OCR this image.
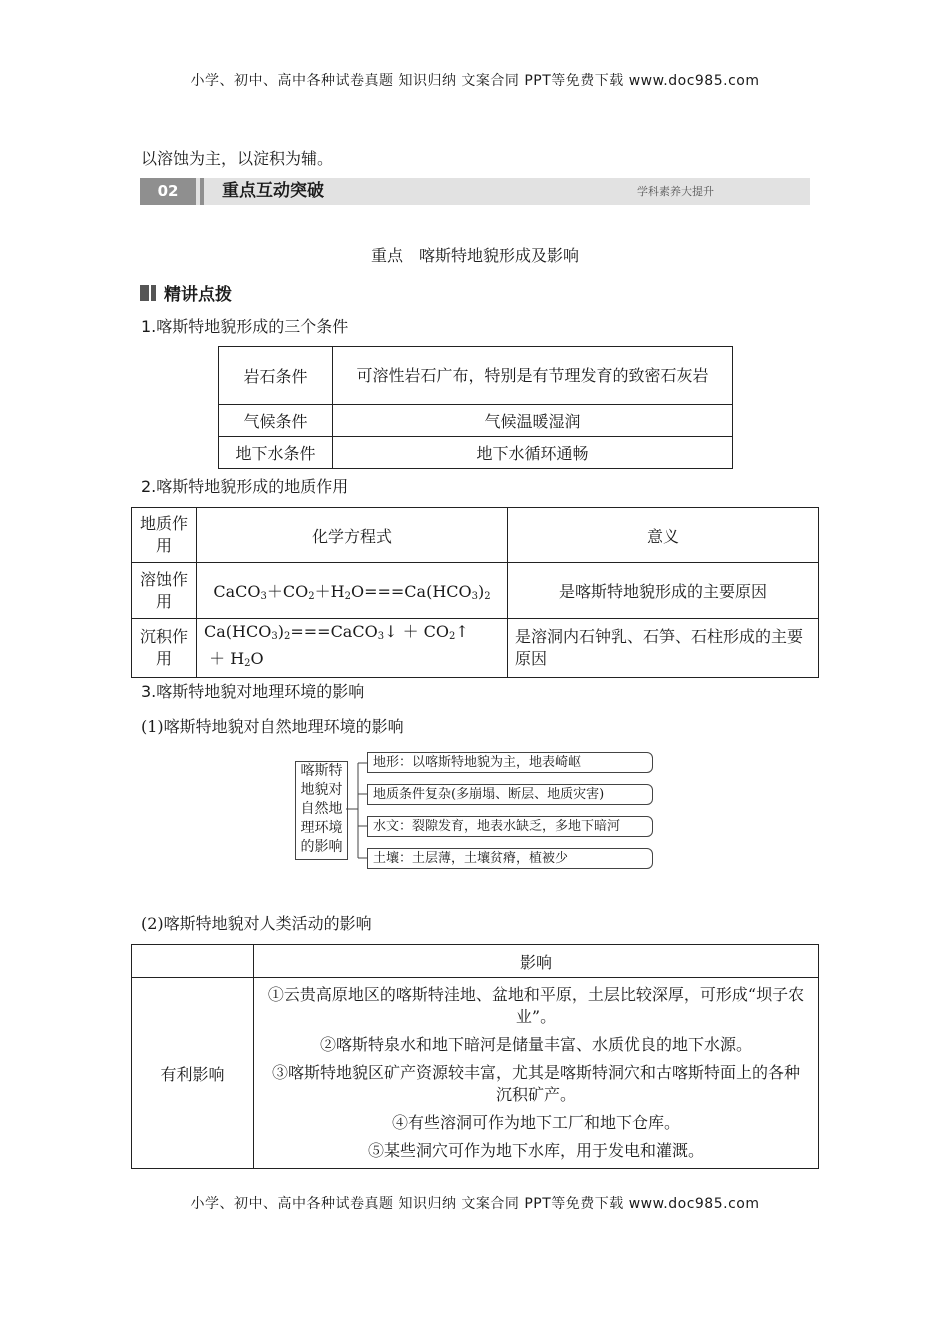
小学、初中、高中各种试卷真题 知识归纳 文案合同 PPT等免费下载 www.doc985.com
以溶蚀为主，以淀积为辅。
02	重点互动突破	学科素养大提升
重点　喀斯特地貌形成及影响
精讲点拨
1.喀斯特地貌形成的三个条件
岩石条件	可溶性岩石广布，特别是有节理发育的致密石灰岩
气候条件	气候温暖湿润
地下水条件	地下水循环通畅
2.喀斯特地貌形成的地质作用
地质作用	化学方程式	意义
溶蚀作用	$CaCO_3+CO_2+H_2O===Ca(HCO_3)_2$	是喀斯特地貌形成的主要原因
沉积作用	$Ca(HCO_3)_2===CaCO_3↓$ ＋ $CO_2↑ + H_2O$	是溶洞内石钟乳、石笋、石柱形成的主要原因
3.喀斯特地貌对地理环境的影响
(1)喀斯特地貌对自然地理环境的影响
喀斯特
地貌对
自然地
理环境
的影响
地形：以喀斯特地貌为主，地表崎岖
地质条件复杂(多崩塌、断层、地质灾害)
水文：裂隙发育，地表水缺乏，多地下暗河
土壤：土层薄，土壤贫瘠，植被少
(2)喀斯特地貌对人类活动的影响
	影响
有利影响	①云贵高原地区的喀斯特洼地、盆地和平原，土层比较深厚，可形成“坝子农业”。
②喀斯特泉水和地下暗河是储量丰富、水质优良的地下水源。
③喀斯特地貌区矿产资源较丰富，尤其是喀斯特洞穴和古喀斯特面上的各种沉积矿产。
④有些溶洞可作为地下工厂和地下仓库。
⑤某些洞穴可作为地下水库，用于发电和灌溉。
小学、初中、高中各种试卷真题 知识归纳 文案合同 PPT等免费下载 www.doc985.com
